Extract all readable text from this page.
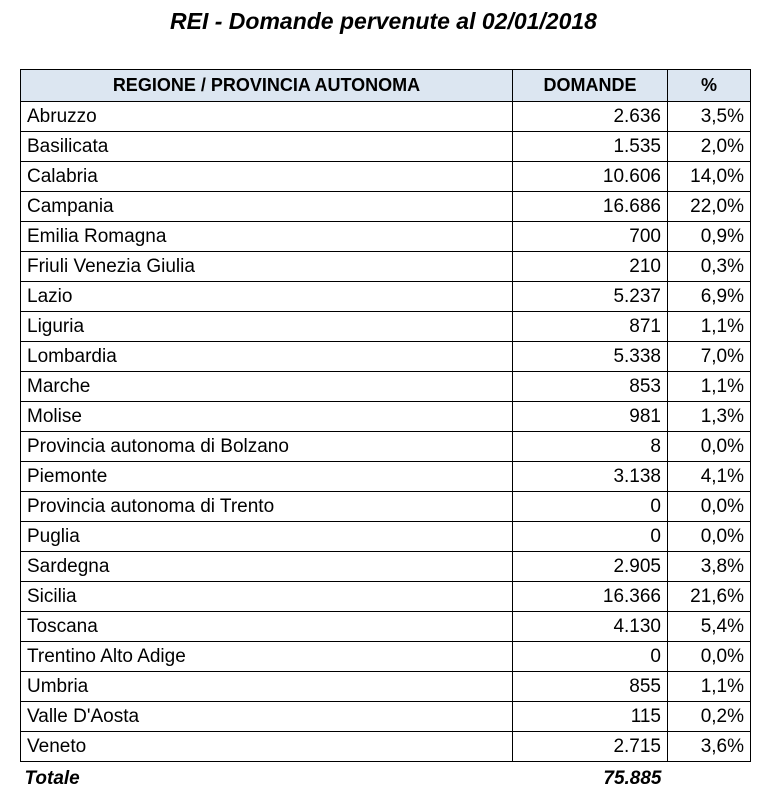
REI - Domande pervenute al 02/01/2018
REGIONE / PROVINCIA AUTONOMA	DOMANDE	%
Abruzzo	2.636	3,5%
Basilicata	1.535	2,0%
Calabria	10.606	14,0%
Campania	16.686	22,0%
Emilia Romagna	700	0,9%
Friuli Venezia Giulia	210	0,3%
Lazio	5.237	6,9%
Liguria	871	1,1%
Lombardia	5.338	7,0%
Marche	853	1,1%
Molise	981	1,3%
Provincia autonoma di Bolzano	8	0,0%
Piemonte	3.138	4,1%
Provincia autonoma di Trento	0	0,0%
Puglia	0	0,0%
Sardegna	2.905	3,8%
Sicilia	16.366	21,6%
Toscana	4.130	5,4%
Trentino Alto Adige	0	0,0%
Umbria	855	1,1%
Valle D'Aosta	115	0,2%
Veneto	2.715	3,6%
Totale	75.885	
